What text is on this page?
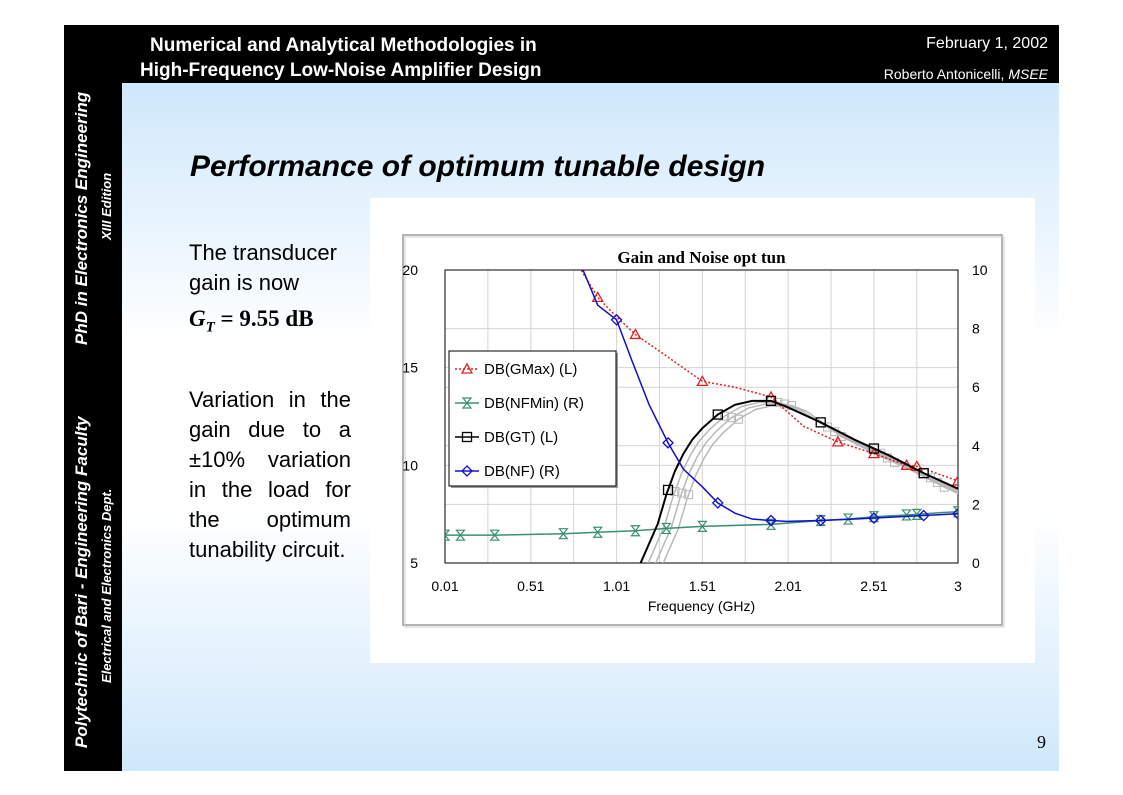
Polytechnic of Bari - Engineering Faculty
PhD in Electronics Engineering
Electrical and Electronics Dept.
XIII Edition
Numerical and Analytical Methodologies in
High-Frequency Low-Noise Amplifier Design
February 1, 2002
Roberto Antonicelli, MSEE
Performance of optimum tunable design
The transducer gain is now
$G_T = 9.55$ dB
Variation in the gain due to a ±10% variation in the load for the optimum tunability circuit.
Gain and Noise opt tun
0.01	0.51	1.01	1.51	2.01	2.51	3
Frequency (GHz)
5
10
15
20
0
2
4
6
8
10
DB(GMax) (L)
DB(NFMin) (R)
DB(GT) (L)
DB(NF) (R)
9
